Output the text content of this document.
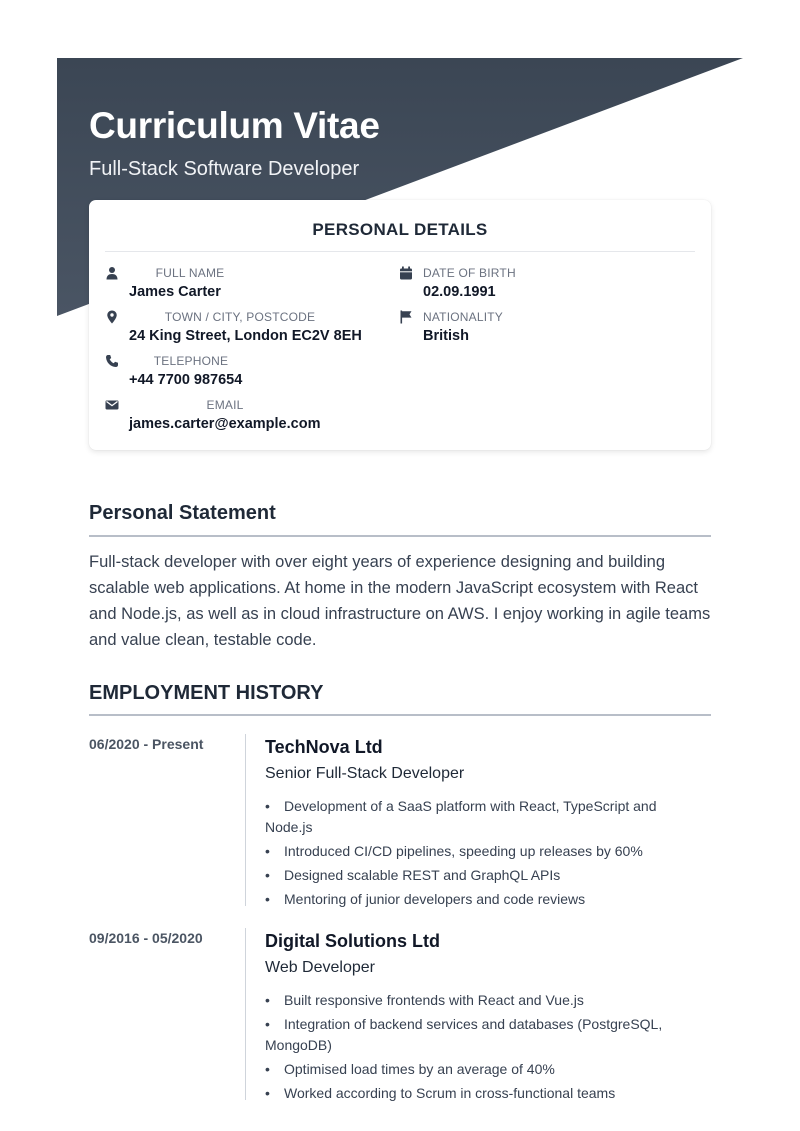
Curriculum Vitae
Full-Stack Software Developer
PERSONAL DETAILS
FULL NAME
James Carter
TOWN / CITY, POSTCODE
24 King Street, London EC2V 8EH
TELEPHONE
+44 7700 987654
EMAIL
james.carter@example.com
DATE OF BIRTH
02.09.1991
NATIONALITY
British
Personal Statement

Full-stack developer with over eight years of experience designing and building scalable web applications. At home in the modern JavaScript ecosystem with React and Node.js, as well as in cloud infrastructure on AWS. I enjoy working in agile teams and value clean, testable code.

EMPLOYMENT HISTORY
06/2020 - Present	TechNova Ltd
Senior Full-Stack Developer
• Development of a SaaS platform with React, TypeScript and Node.js
• Introduced CI/CD pipelines, speeding up releases by 60%
• Designed scalable REST and GraphQL APIs
• Mentoring of junior developers and code reviews
09/2016 - 05/2020	Digital Solutions Ltd
Web Developer
• Built responsive frontends with React and Vue.js
• Integration of backend services and databases (PostgreSQL, MongoDB)
• Optimised load times by an average of 40%
• Worked according to Scrum in cross-functional teams
